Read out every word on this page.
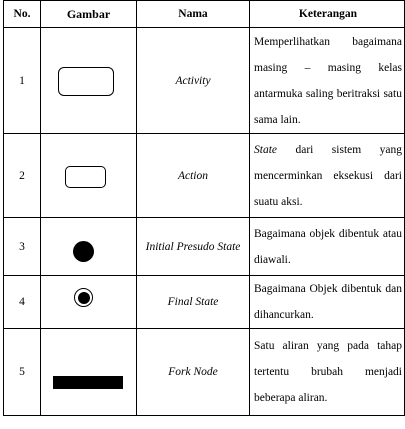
No.	Gambar	Nama	Keterangan
1		Activity	Memperlihatkan bagaimana masing – masing kelas antarmuka saling beritraksi satu sama lain.
2		Action	State dari sistem yang mencerminkan eksekusi dari suatu aksi.
3		Initial Presudo State	Bagaimana objek dibentuk atau diawali.
4		Final State	Bagaimana Objek dibentuk dan dihancurkan.
5		Fork Node	Satu aliran yang pada tahap tertentu brubah menjadi beberapa aliran.
